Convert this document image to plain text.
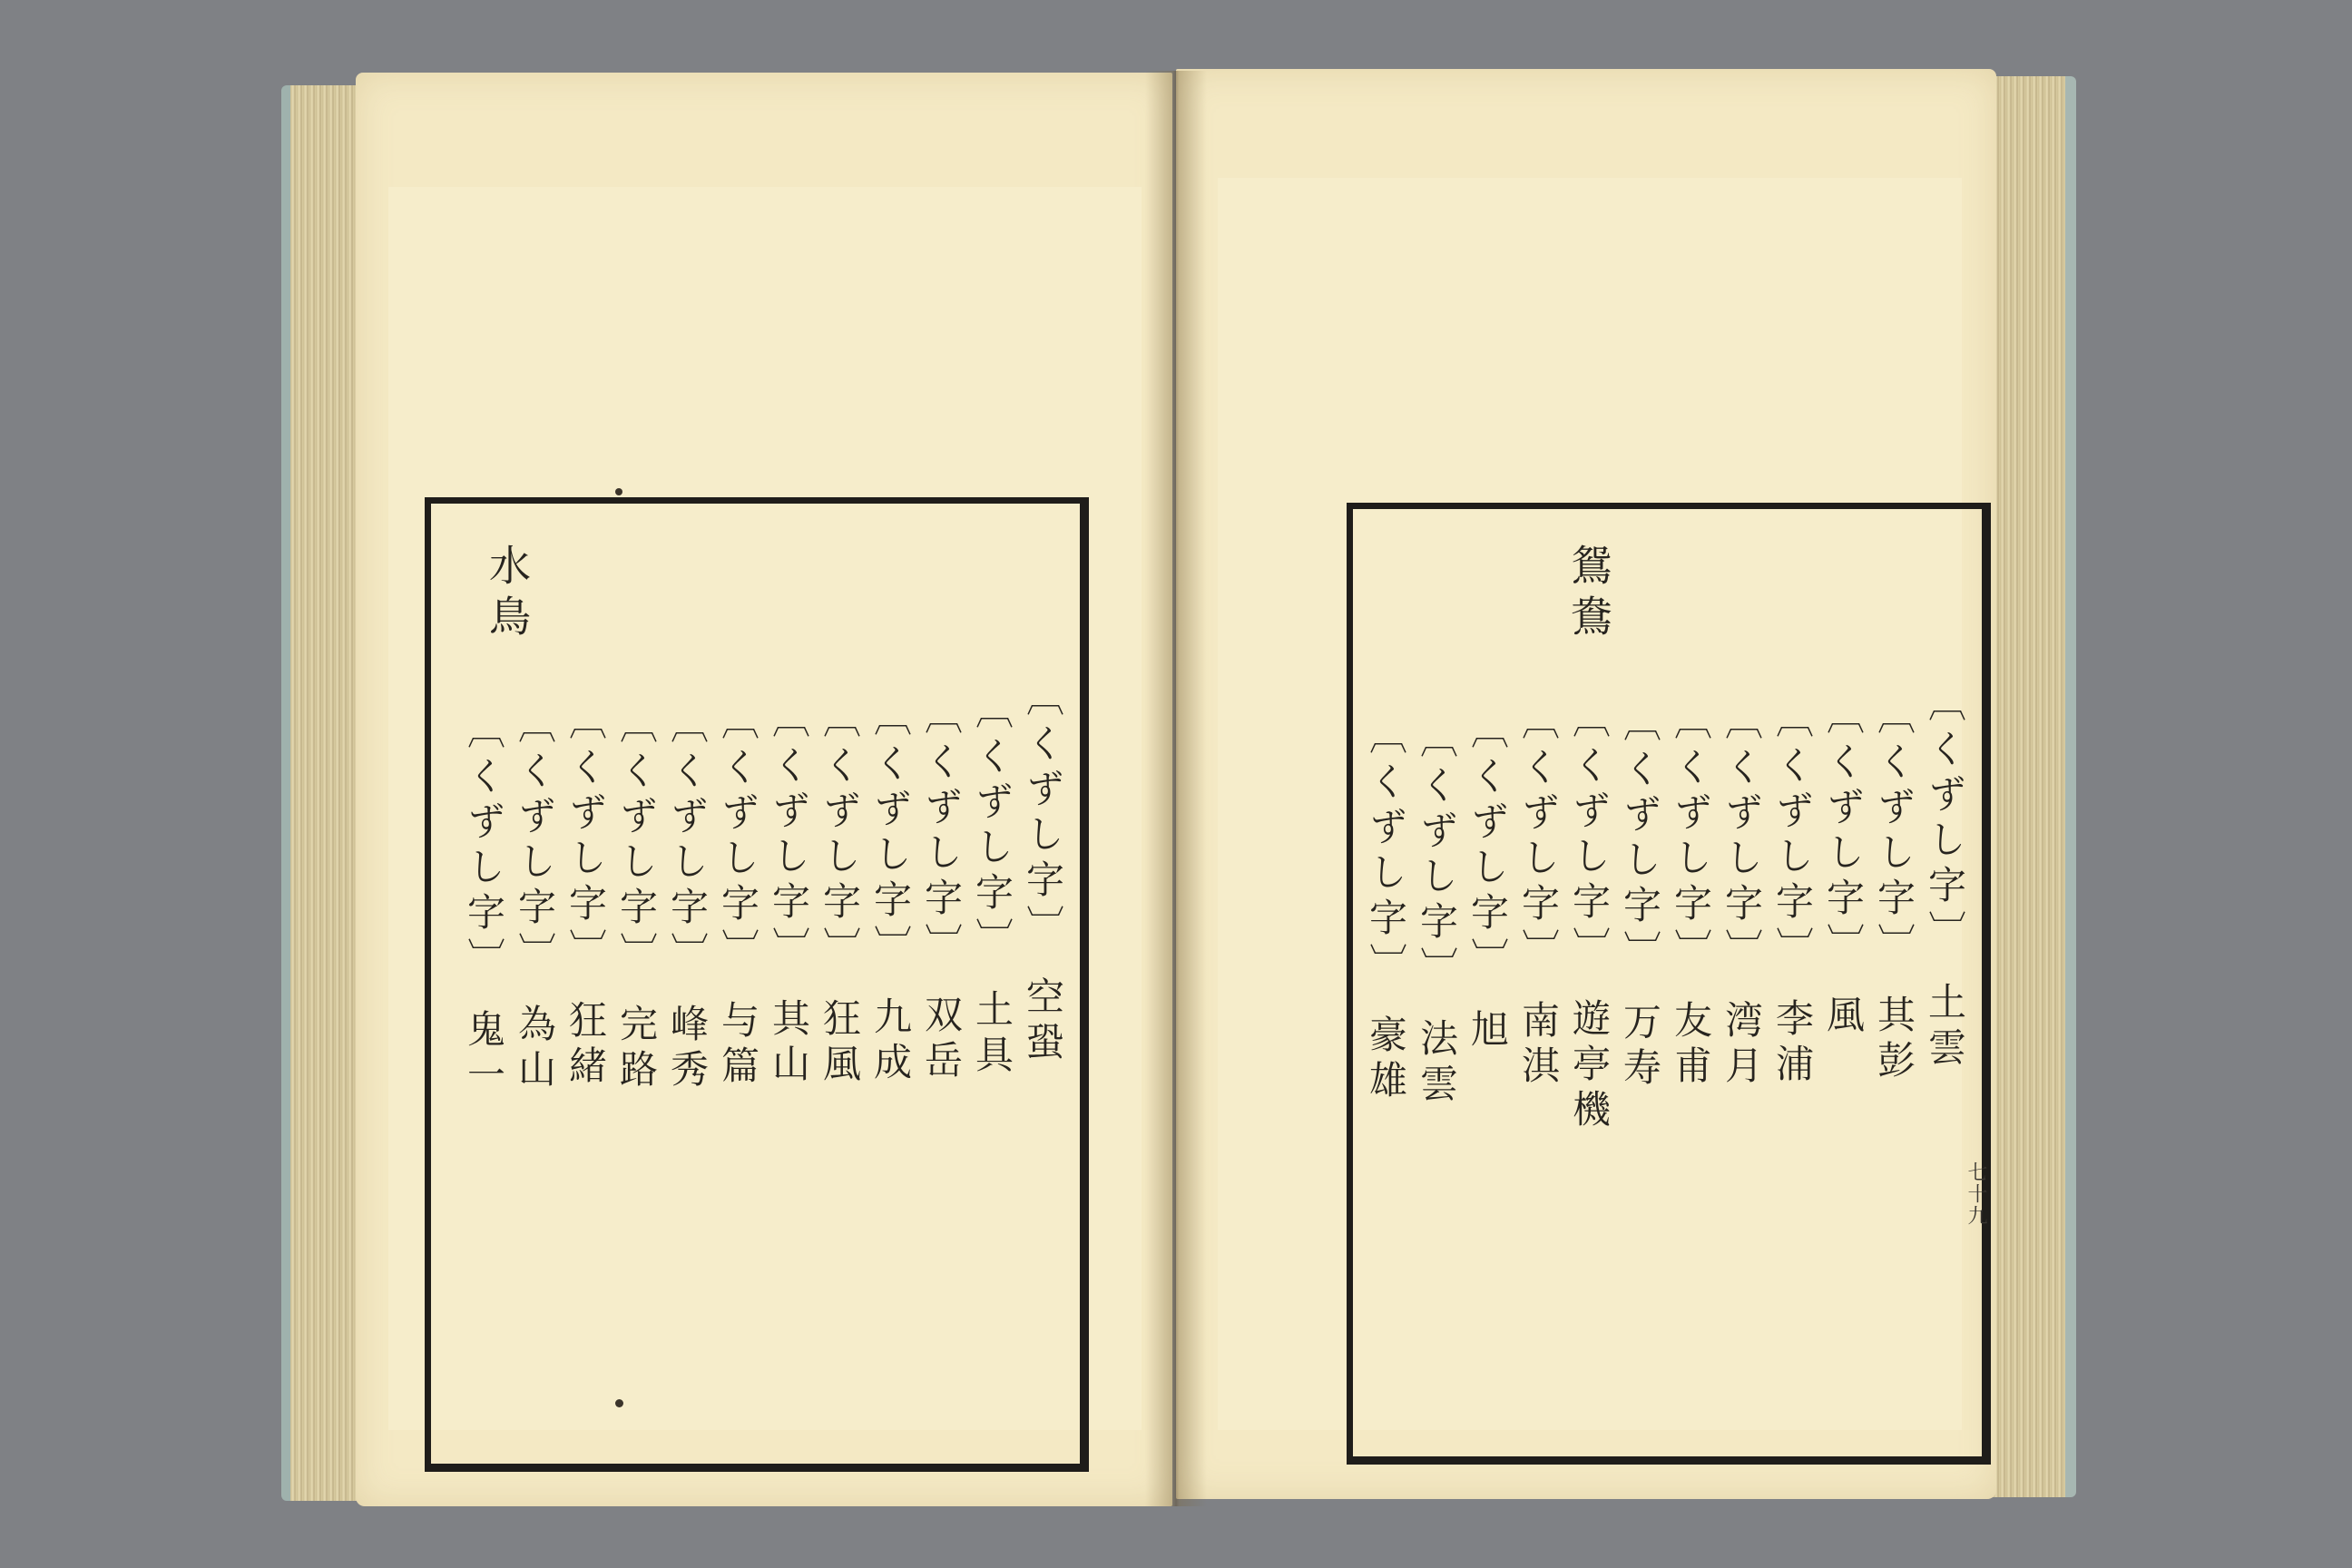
水鳥
〔くずし字〕　空蛩
〔くずし字〕　土具
〔くずし字〕　双岳
〔くずし字〕　九成
〔くずし字〕　狂風
〔くずし字〕　其山
〔くずし字〕　与篇
〔くずし字〕　峰秀
〔くずし字〕　完路
〔くずし字〕　狂緒
〔くずし字〕　為山
〔くずし字〕　鬼一
鴛鴦
〔くずし字〕　土雲
〔くずし字〕　其彭
〔くずし字〕　風
〔くずし字〕　李浦
〔くずし字〕　湾月
〔くずし字〕　友甫
〔くずし字〕　万寿
〔くずし字〕　遊亭機
〔くずし字〕　南淇
〔くずし字〕　旭
〔くずし字〕　法雲
〔くずし字〕　豪雄
七十九
